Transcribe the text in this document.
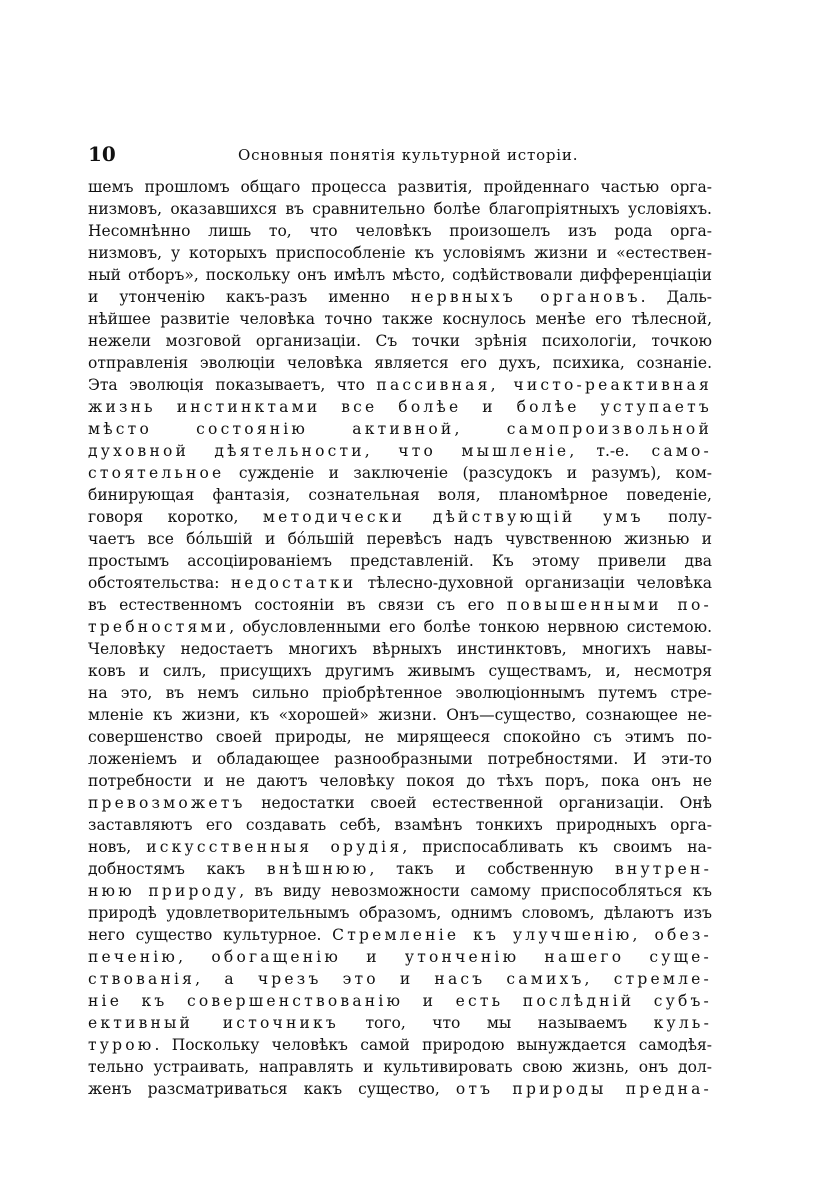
10	Основныя понятія культурной исторіи.
шемъ прошломъ общаго процесса развитія, пройденнаго частью орга-
низмовъ, оказавшихся въ сравнительно болѣе благопріятныхъ условіяхъ.
Несомнѣнно лишь то, что человѣкъ произошелъ изъ рода орга-
низмовъ, у которыхъ приспособленіе къ условіямъ жизни и «естествен-
ный отборъ», поскольку онъ имѣлъ мѣсто, содѣйствовали дифференціаціи
и утонченію какъ-разъ именно нервныхъ органовъ. Даль-
нѣйшее развитіе человѣка точно также коснулось менѣе его тѣлесной,
нежели мозговой организаціи. Съ точки зрѣнія психологіи, точкою
отправленія эволюціи человѣка является его духъ, психика, сознаніе.
Эта эволюція показываетъ, что пассивная, чисто-реактивная
жизнь инстинктами все болѣе и болѣе уступаетъ
мѣсто состоянію активной, самопроизвольной
духовной дѣятельности, что мышленіе, т.-е. само-
стоятельное сужденіе и заключеніе (разсудокъ и разумъ), ком-
бинирующая фантазія, сознательная воля, планомѣрное поведеніе,
говоря коротко, методически дѣйствующій умъ полу-
чаетъ все бóльшій и бóльшій перевѣсъ надъ чувственною жизнью и
простымъ ассоціированіемъ представленій. Къ этому привели два
обстоятельства: недостатки тѣлесно-духовной организаціи человѣка
въ естественномъ состояніи въ связи съ его повышенными по-
требностями, обусловленными его болѣе тонкою нервною системою.
Человѣку недостаетъ многихъ вѣрныхъ инстинктовъ, многихъ навы-
ковъ и силъ, присущихъ другимъ живымъ существамъ, и, несмотря
на это, въ немъ сильно пріобрѣтенное эволюціоннымъ путемъ стре-
мленіе къ жизни, къ «хорошей» жизни. Онъ—существо, сознающее не-
совершенство своей природы, не мирящееся спокойно съ этимъ по-
ложеніемъ и обладающее разнообразными потребностями. И эти-то
потребности и не даютъ человѣку покоя до тѣхъ поръ, пока онъ не
превозможетъ недостатки своей естественной организаціи. Онѣ
заставляютъ его создавать себѣ, взамѣнъ тонкихъ природныхъ орга-
новъ, искусственныя орудія, приспосабливать къ своимъ на-
добностямъ какъ внѣшнюю, такъ и собственную внутрен-
нюю природу, въ виду невозможности самому приспособляться къ
природѣ удовлетворительнымъ образомъ, однимъ словомъ, дѣлаютъ изъ
него существо культурное. Стремленіе къ улучшенію, обез-
печенію, обогащенію и утонченію нашего суще-
ствованія, а чрезъ это и насъ самихъ, стремле-
ніе къ совершенствованію и есть послѣдній субъ-
ективный источникъ того, что мы называемъ куль-
турою. Поскольку человѣкъ самой природою вынуждается самодѣя-
тельно устраивать, направлять и культивировать свою жизнь, онъ дол-
женъ разсматриваться какъ существо, отъ природы предна-
